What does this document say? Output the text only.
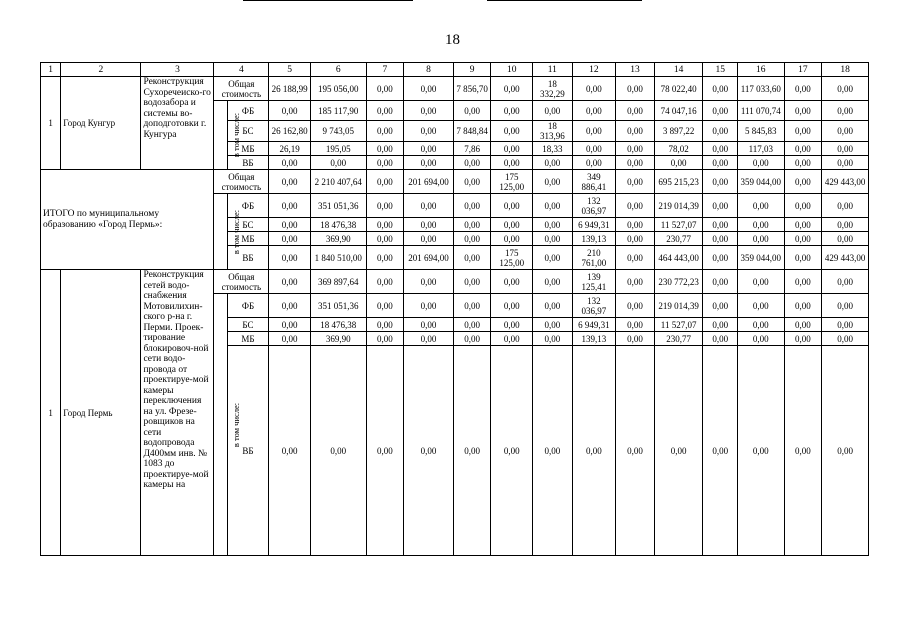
18
1	2	3	4		5	6	7	8	9	10	11	12	13	14	15	16	17	18
1	Город Кунгур	Реконструкция Сухоречеиско-го водозабора и системы во-доподготовки г. Кунгура	Общая стоимость		26 188,99	195 056,00	0,00	0,00	7 856,70	0,00	18 332,29	0,00	0,00	78 022,40	0,00	117 033,60	0,00	0,00
			в том числе:	ФБ	0,00	185 117,90	0,00	0,00	0,00	0,00	0,00	0,00	0,00	74 047,16	0,00	111 070,74	0,00	0,00
				БС	26 162,80	9 743,05	0,00	0,00	7 848,84	0,00	18 313,96	0,00	0,00	3 897,22	0,00	5 845,83	0,00	0,00
				МБ	26,19	195,05	0,00	0,00	7,86	0,00	18,33	0,00	0,00	78,02	0,00	117,03	0,00	0,00
				ВБ	0,00	0,00	0,00	0,00	0,00	0,00	0,00	0,00	0,00	0,00	0,00	0,00	0,00	0,00
ИТОГО по муниципальному образованию «Город Пермь»:			Общая стоимость		0,00	2 210 407,64	0,00	201 694,00	0,00	175 125,00	0,00	349 886,41	0,00	695 215,23	0,00	359 044,00	0,00	429 443,00
			в том числе:	ФБ	0,00	351 051,36	0,00	0,00	0,00	0,00	0,00	132 036,97	0,00	219 014,39	0,00	0,00	0,00	0,00
				БС	0,00	18 476,38	0,00	0,00	0,00	0,00	0,00	6 949,31	0,00	11 527,07	0,00	0,00	0,00	0,00
				МБ	0,00	369,90	0,00	0,00	0,00	0,00	0,00	139,13	0,00	230,77	0,00	0,00	0,00	0,00
				ВБ	0,00	1 840 510,00	0,00	201 694,00	0,00	175 125,00	0,00	210 761,00	0,00	464 443,00	0,00	359 044,00	0,00	429 443,00
1	Город Пермь	Реконструкция сетей водо-снабжения Мотовилихин-ского р-на г. Перми. Проек-тирование блокировоч-ной сети водо-провода от проектируе-мой камеры переключения на ул. Фрезе-ровщиков на сети водопровода Д400мм инв. № 1083 до проектируе-мой камеры на	Общая стоимость		0,00	369 897,64	0,00	0,00	0,00	0,00	0,00	139 125,41	0,00	230 772,23	0,00	0,00	0,00	0,00
			в том числе:	ФБ	0,00	351 051,36	0,00	0,00	0,00	0,00	0,00	132 036,97	0,00	219 014,39	0,00	0,00	0,00	0,00
				БС	0,00	18 476,38	0,00	0,00	0,00	0,00	0,00	6 949,31	0,00	11 527,07	0,00	0,00	0,00	0,00
				МБ	0,00	369,90	0,00	0,00	0,00	0,00	0,00	139,13	0,00	230,77	0,00	0,00	0,00	0,00
				ВБ	0,00	0,00	0,00	0,00	0,00	0,00	0,00	0,00	0,00	0,00	0,00	0,00	0,00	0,00
